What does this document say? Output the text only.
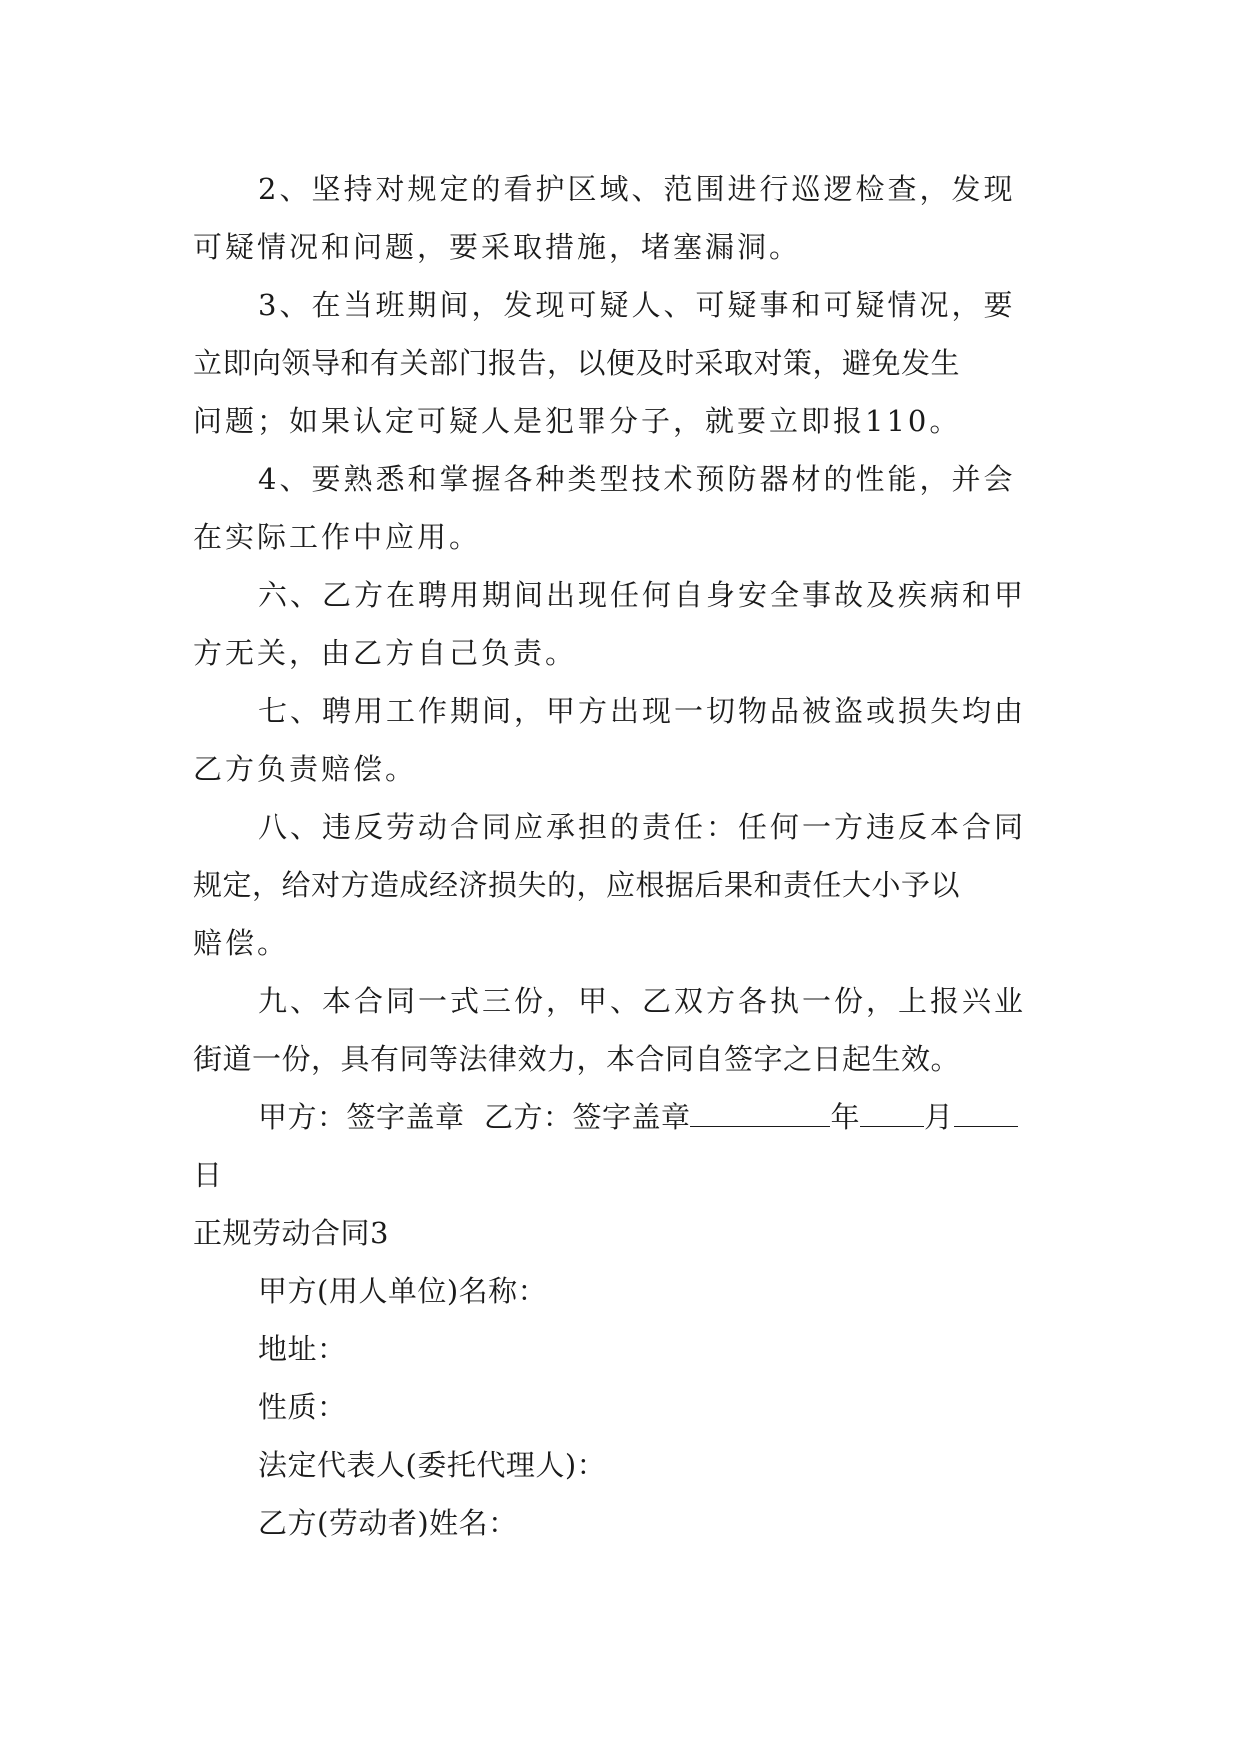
2、坚持对规定的看护区域、范围进行巡逻检查，发现
可疑情况和问题，要采取措施，堵塞漏洞。
3、在当班期间，发现可疑人、可疑事和可疑情况，要
立即向领导和有关部门报告，以便及时采取对策，避免发生
问题；如果认定可疑人是犯罪分子，就要立即报110。
4、要熟悉和掌握各种类型技术预防器材的性能，并会
在实际工作中应用。
六、乙方在聘用期间出现任何自身安全事故及疾病和甲
方无关，由乙方自己负责。
七、聘用工作期间，甲方出现一切物品被盗或损失均由
乙方负责赔偿。
八、违反劳动合同应承担的责任：任何一方违反本合同
规定，给对方造成经济损失的，应根据后果和责任大小予以
赔偿。
九、本合同一式三份，甲、乙双方各执一份，上报兴业
街道一份，具有同等法律效力，本合同自签字之日起生效。
甲方：签字盖章 乙方：签字盖章	年 月
日
正规劳动合同3
甲方(用人单位)名称：
地址：
性质：
法定代表人(委托代理人)：
乙方(劳动者)姓名：
